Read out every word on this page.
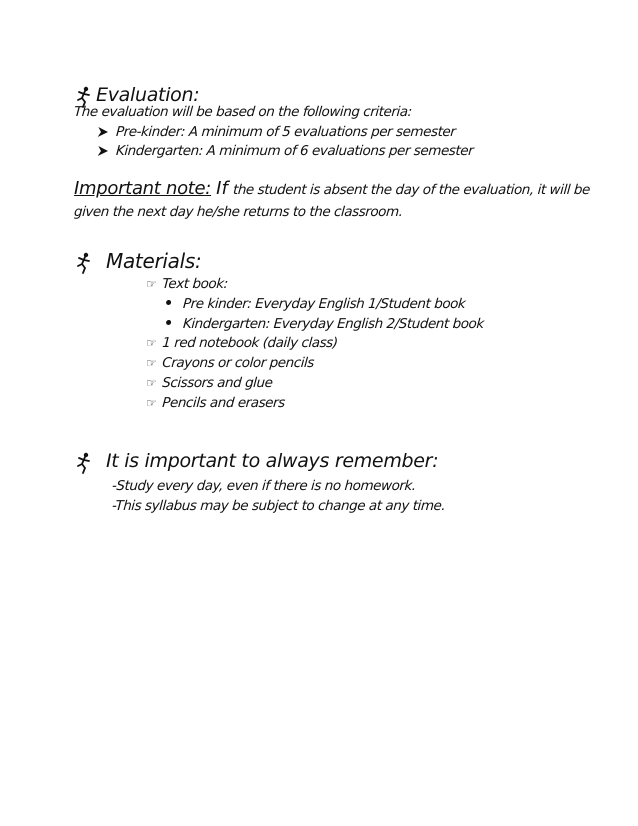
Evaluation:
The evaluation will be based on the following criteria:
Pre-kinder: A minimum of 5 evaluations per semester
Kindergarten: A minimum of 6 evaluations per semester
Important note: If the student is absent the day of the evaluation, it will be
given the next day he/she returns to the classroom.
Materials:
☞ Text book:
Pre kinder: Everyday English 1/Student book
Kindergarten: Everyday English 2/Student book
☞ 1 red notebook (daily class)
☞ Crayons or color pencils
☞ Scissors and glue
☞ Pencils and erasers
It is important to always remember:
-Study every day, even if there is no homework.
-This syllabus may be subject to change at any time.
